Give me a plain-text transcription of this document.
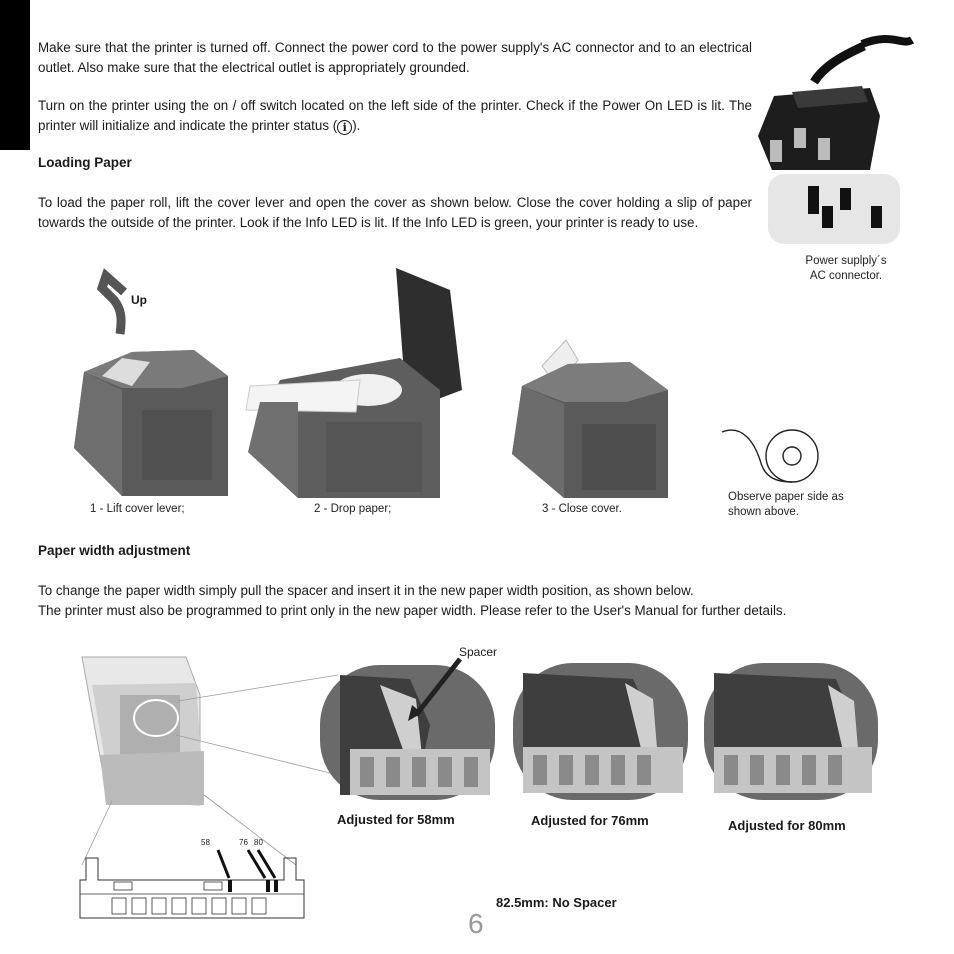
Make sure that the printer is turned off. Connect the power cord to the power supply's AC connector and to an electrical outlet. Also make sure that the electrical outlet is appropriately grounded.
Turn on the printer using the on / off switch located on the left side of the printer. Check if the Power On LED is lit. The printer will initialize and indicate the printer status ( i ).
Loading Paper
To load the paper roll, lift the cover lever and open the cover as shown below. Close the cover holding a slip of paper towards the outside of the printer. Look if the Info LED is lit. If the Info LED is green, your printer is ready to use.
Power suplply´s
AC connector.
Up
1 - Lift cover lever;	2 - Drop paper;	3 - Close cover.
Observe paper side as shown above.
Paper width adjustment
To change the paper width simply pull the spacer and insert it in the new paper width position, as shown below.
The printer must also be programmed to print only in the new paper width. Please refer to the User's Manual for further details.
58	76 80
Spacer
Adjusted for 58mm	Adjusted for 76mm	Adjusted for 80mm
82.5mm: No Spacer
6
